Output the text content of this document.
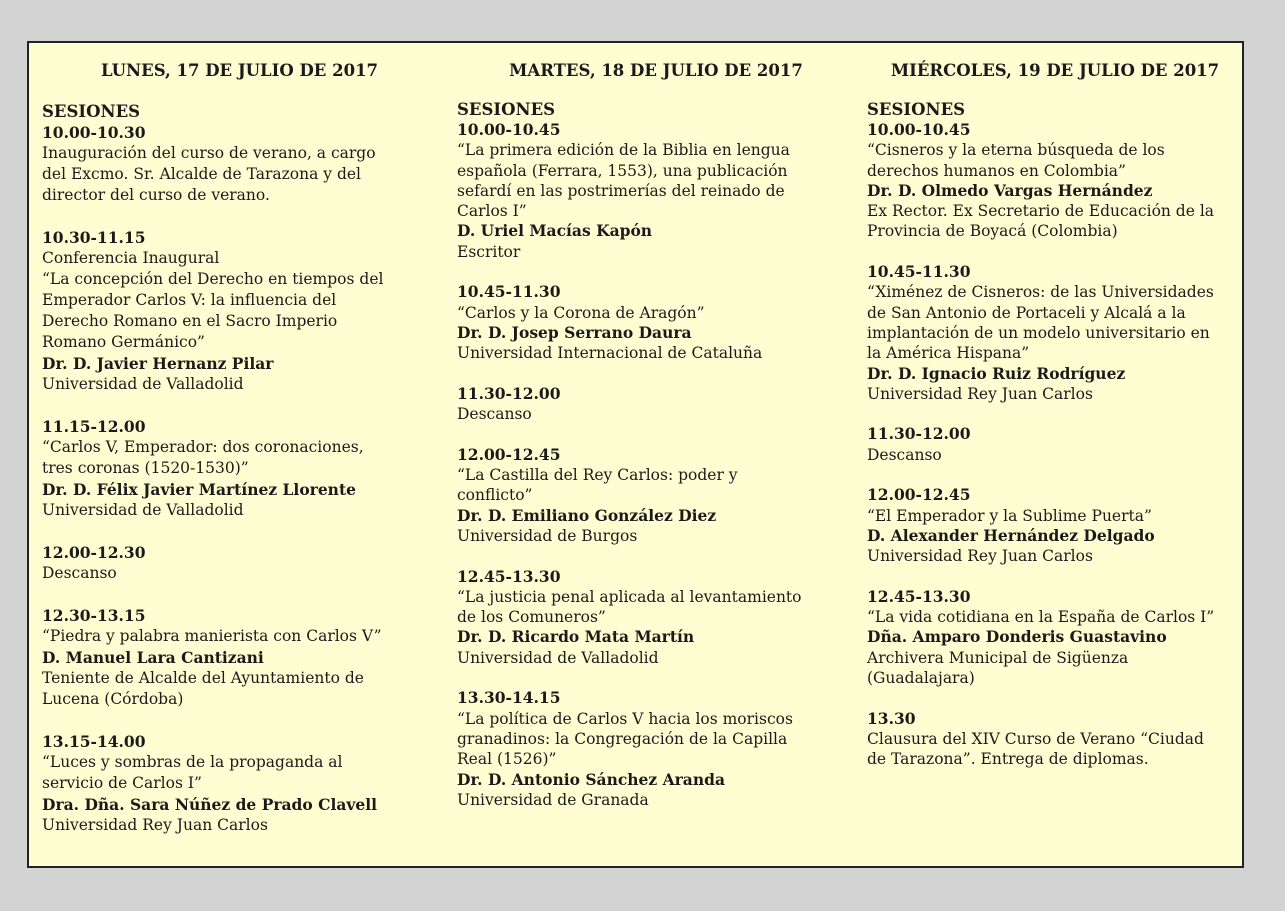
LUNES, 17 DE JULIO DE 2017
SESIONES
10.00-10.30
Inauguración del curso de verano, a cargo
del Excmo. Sr. Alcalde de Tarazona y del
director del curso de verano.
10.30-11.15
Conferencia Inaugural
“La concepción del Derecho en tiempos del
Emperador Carlos V: la influencia del
Derecho Romano en el Sacro Imperio
Romano Germánico”
Dr. D. Javier Hernanz Pilar
Universidad de Valladolid
11.15-12.00
“Carlos V, Emperador: dos coronaciones,
tres coronas (1520-1530)”
Dr. D. Félix Javier Martínez Llorente
Universidad de Valladolid
12.00-12.30
Descanso
12.30-13.15
“Piedra y palabra manierista con Carlos V”
D. Manuel Lara Cantizani
Teniente de Alcalde del Ayuntamiento de
Lucena (Córdoba)
13.15-14.00
“Luces y sombras de la propaganda al
servicio de Carlos I”
Dra. Dña. Sara Núñez de Prado Clavell
Universidad Rey Juan Carlos
MARTES, 18 DE JULIO DE 2017
SESIONES
10.00-10.45
“La primera edición de la Biblia en lengua
española (Ferrara, 1553), una publicación
sefardí en las postrimerías del reinado de
Carlos I”
D. Uriel Macías Kapón
Escritor
10.45-11.30
“Carlos y la Corona de Aragón”
Dr. D. Josep Serrano Daura
Universidad Internacional de Cataluña
11.30-12.00
Descanso
12.00-12.45
“La Castilla del Rey Carlos: poder y
conflicto”
Dr. D. Emiliano González Diez
Universidad de Burgos
12.45-13.30
“La justicia penal aplicada al levantamiento
de los Comuneros”
Dr. D. Ricardo Mata Martín
Universidad de Valladolid
13.30-14.15
“La política de Carlos V hacia los moriscos
granadinos: la Congregación de la Capilla
Real (1526)”
Dr. D. Antonio Sánchez Aranda
Universidad de Granada
MIÉRCOLES, 19 DE JULIO DE 2017
SESIONES
10.00-10.45
“Cisneros y la eterna búsqueda de los
derechos humanos en Colombia”
Dr. D. Olmedo Vargas Hernández
Ex Rector. Ex Secretario de Educación de la
Provincia de Boyacá (Colombia)
10.45-11.30
“Ximénez de Cisneros: de las Universidades
de San Antonio de Portaceli y Alcalá a la
implantación de un modelo universitario en
la América Hispana”
Dr. D. Ignacio Ruiz Rodríguez
Universidad Rey Juan Carlos
11.30-12.00
Descanso
12.00-12.45
“El Emperador y la Sublime Puerta”
D. Alexander Hernández Delgado
Universidad Rey Juan Carlos
12.45-13.30
“La vida cotidiana en la España de Carlos I”
Dña. Amparo Donderis Guastavino
Archivera Municipal de Sigüenza
(Guadalajara)
13.30
Clausura del XIV Curso de Verano “Ciudad
de Tarazona”. Entrega de diplomas.
